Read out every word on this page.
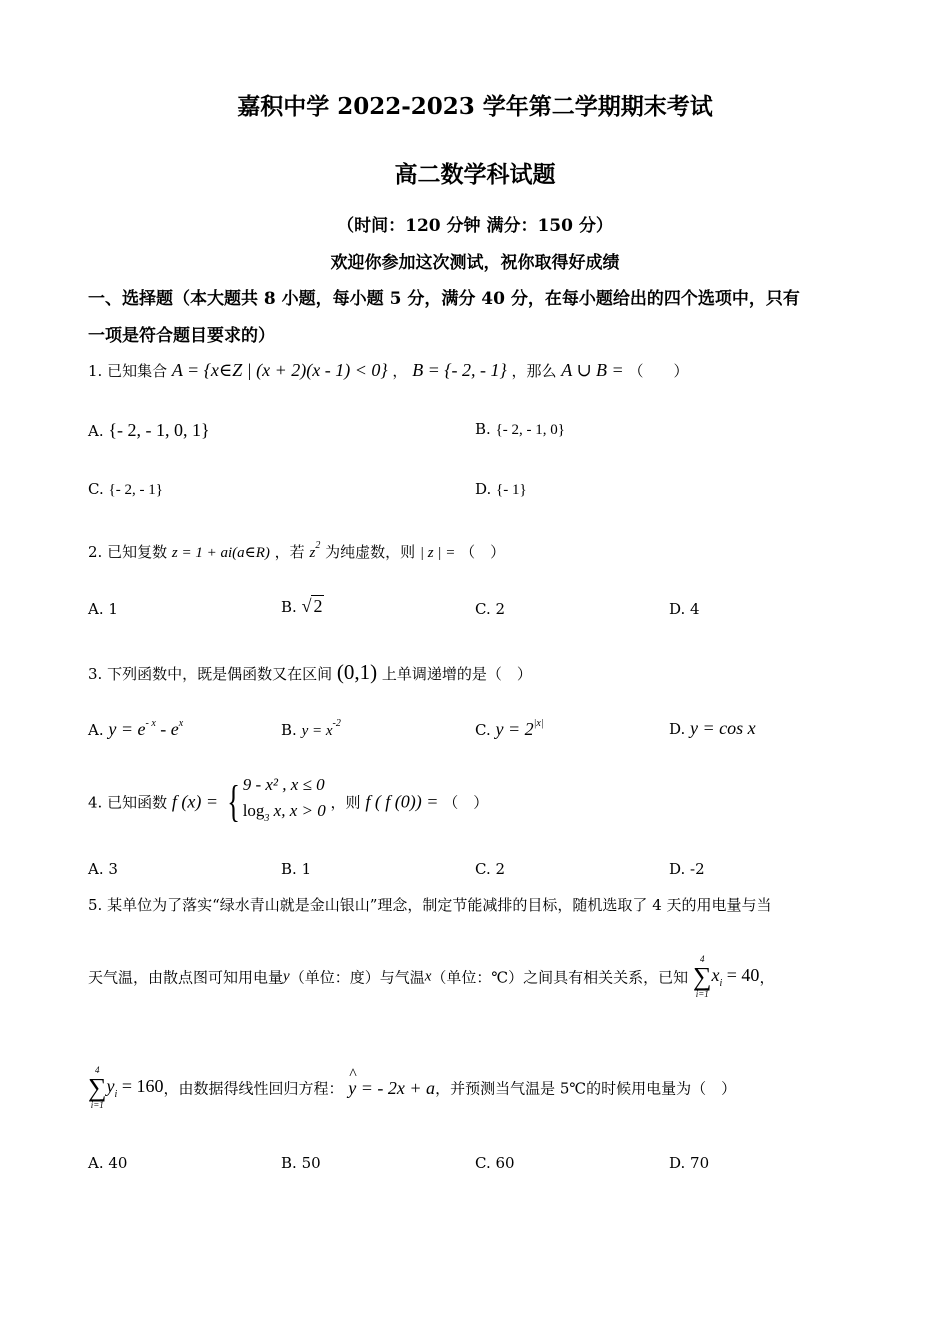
嘉积中学 2022-2023 学年第二学期期末考试
高二数学科试题
（时间：120 分钟 满分：150 分）
欢迎你参加这次测试，祝你取得好成绩
一、选择题（本大题共 8 小题，每小题 5 分，满分 40 分，在每小题给出的四个选项中，只有
一项是符合题目要求的）
1. 已知集合 A = {x∈Z | (x + 2)(x - 1) < 0} ， B = {- 2, - 1} ，那么 A ∪ B = （　　）
A. {- 2, - 1, 0, 1}	B. {- 2, - 1, 0}
C. {- 2, - 1}	D. {- 1}
2. 已知复数 z = 1 + ai(a∈R) ，若 $z^2$ 为纯虚数，则 | z | = （　）
A. 1	B. √ 2	C. 2	D. 4
3. 下列函数中，既是偶函数又在区间 (0,1) 上单调递增的是（　）
A. $y = e^{- x} - e^x$	B. $y = x^{-2}$	C. $y = 2^{|x|}$	D. y = cos x
4. 已知函数 f (x) = { 9 - x² , x ≤ 0
$\log_3 x$, x > 0 ，则 f ( f (0)) = （　）
A. 3	B. 1	C. 2	D. -2
5. 某单位为了落实“绿水青山就是金山银山”理念，制定节能减排的目标，随机选取了 4 天的用电量与当
天气温，由散点图可知用电量y（单位：度）与气温x（单位：℃）之间具有相关关系，已知
4
∑
i=1
$x_i = 40$，
4
∑
i=1
$y_i = 160$，由数据得线性回归方程： ^ y = - 2x + a，并预测当气温是 5℃的时候用电量为（　）
A. 40	B. 50	C. 60	D. 70
